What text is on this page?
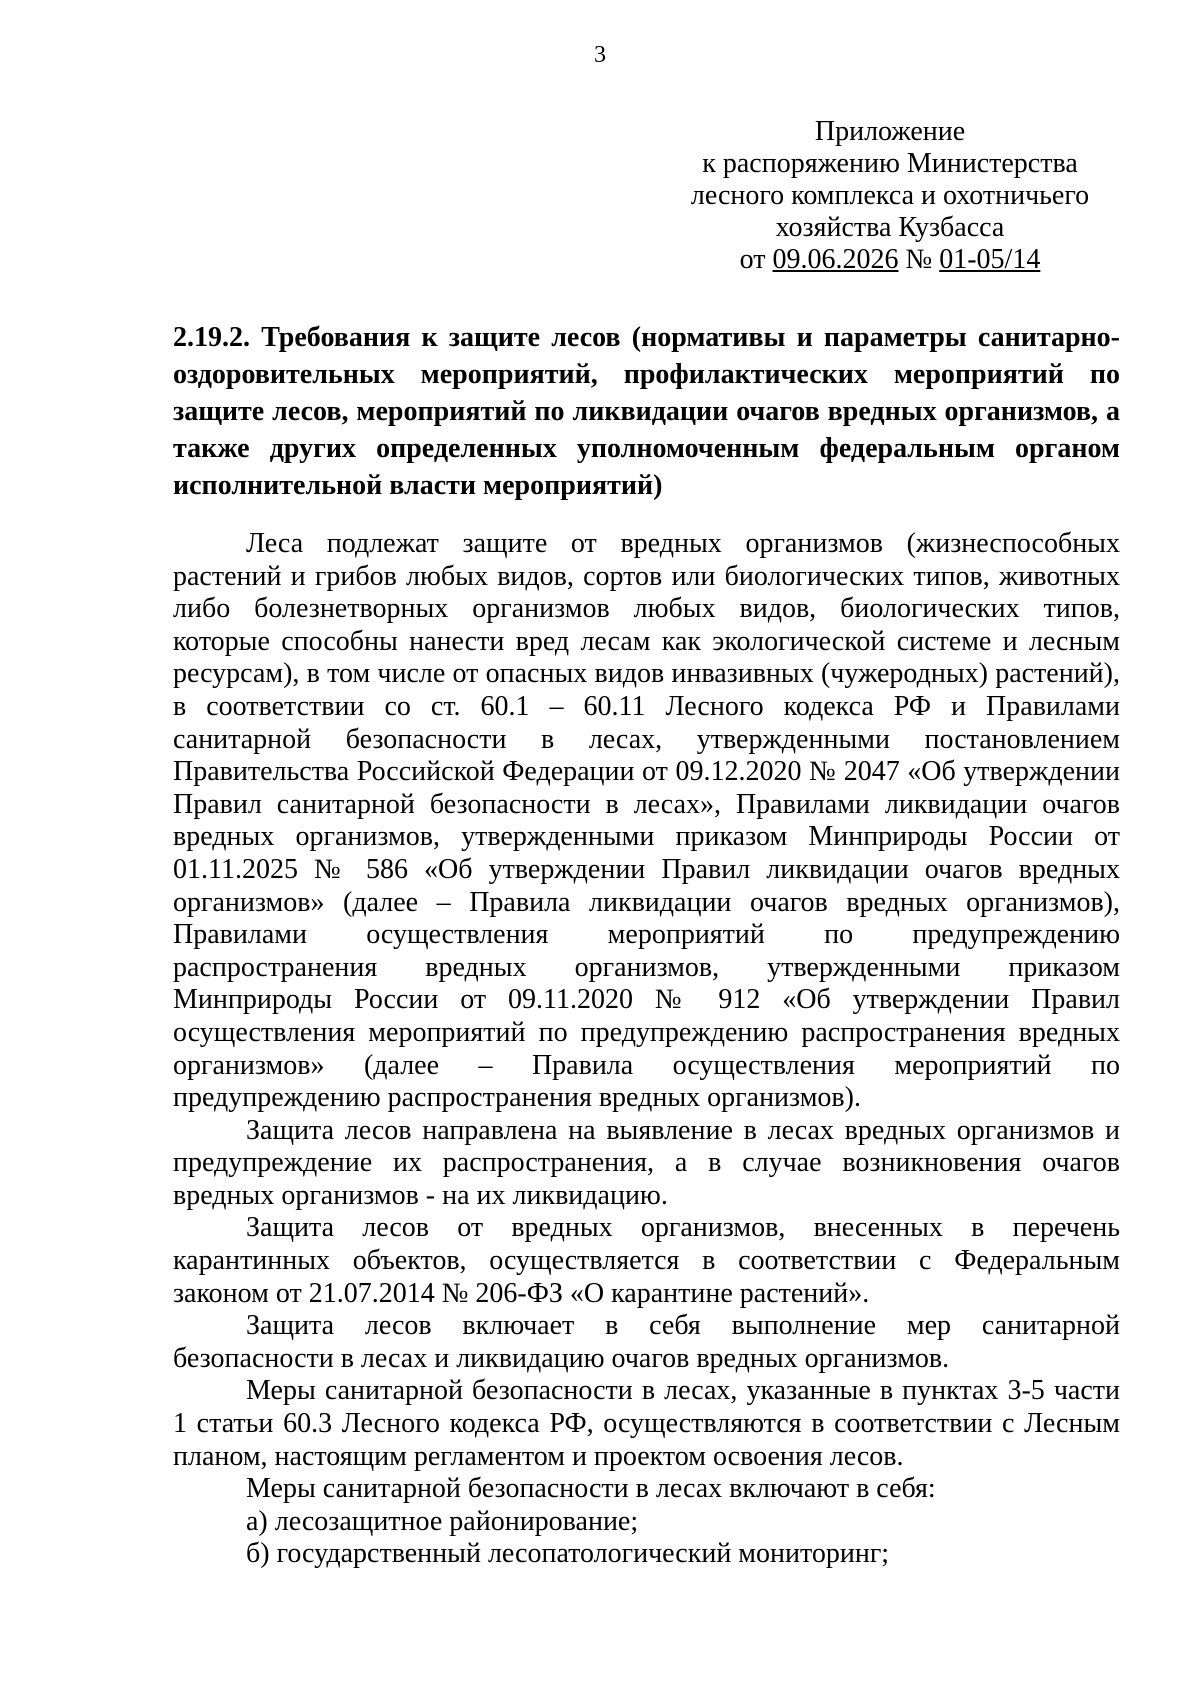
3
Приложение
к распоряжению Министерства
лесного комплекса и охотничьего
хозяйства Кузбасса
от 09.06.2026 № 01-05/14

2.19.2. Требования к защите лесов (нормативы и параметры санитарно-оздоровительных мероприятий, профилактических мероприятий по защите лесов, мероприятий по ликвидации очагов вредных организмов, а также других определенных уполномоченным федеральным органом исполнительной власти мероприятий)

Леса подлежат защите от вредных организмов (жизнеспособных растений и грибов любых видов, сортов или биологических типов, животных либо болезнетворных организмов любых видов, биологических типов, которые способны нанести вред лесам как экологической системе и лесным ресурсам), в том числе от опасных видов инвазивных (чужеродных) растений), в соответствии со ст. 60.1 – 60.11 Лесного кодекса РФ и Правилами санитарной безопасности в лесах, утвержденными постановлением Правительства Российской Федерации от 09.12.2020 № 2047 «Об утверждении Правил санитарной безопасности в лесах», Правилами ликвидации очагов вредных организмов, утвержденными приказом Минприроды России от 01.11.2025 № 586 «Об утверждении Правил ликвидации очагов вредных организмов» (далее – Правила ликвидации очагов вредных организмов), Правилами осуществления мероприятий по предупреждению распространения вредных организмов, утвержденными приказом Минприроды России от 09.11.2020 № 912 «Об утверждении Правил осуществления мероприятий по предупреждению распространения вредных организмов» (далее – Правила осуществления мероприятий по предупреждению распространения вредных организмов).

Защита лесов направлена на выявление в лесах вредных организмов и предупреждение их распространения, а в случае возникновения очагов вредных организмов - на их ликвидацию.

Защита лесов от вредных организмов, внесенных в перечень карантинных объектов, осуществляется в соответствии с Федеральным законом от 21.07.2014 № 206-ФЗ «О карантине растений».

Защита лесов включает в себя выполнение мер санитарной безопасности в лесах и ликвидацию очагов вредных организмов.

Меры санитарной безопасности в лесах, указанные в пунктах 3-5 части 1 статьи 60.3 Лесного кодекса РФ, осуществляются в соответствии с Лесным планом, настоящим регламентом и проектом освоения лесов.

Меры санитарной безопасности в лесах включают в себя:

а) лесозащитное районирование;

б) государственный лесопатологический мониторинг;
